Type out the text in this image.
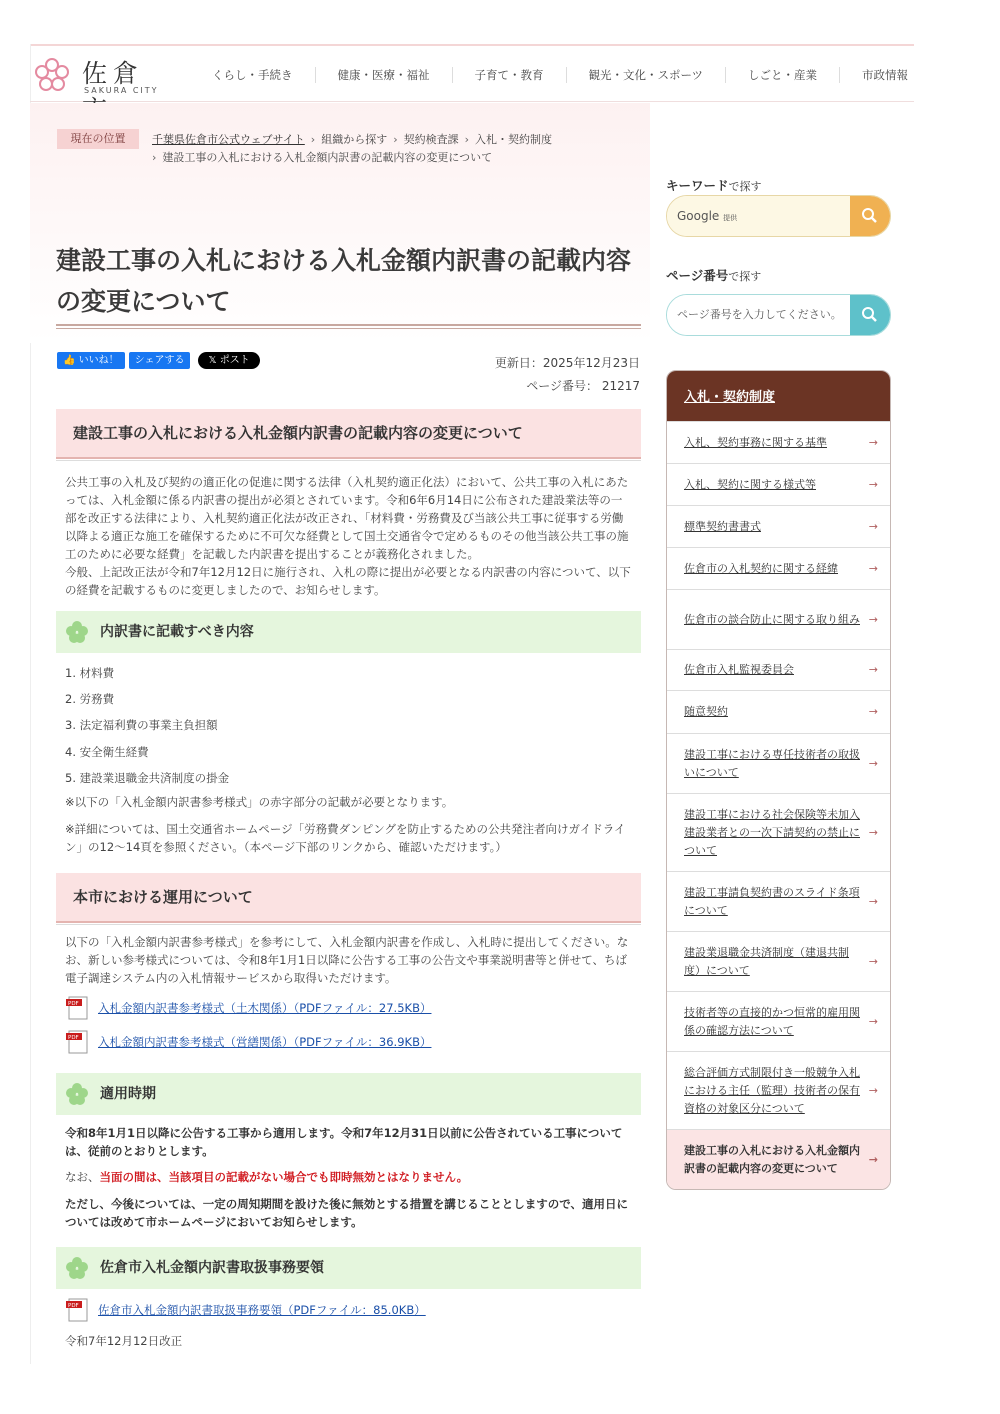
佐倉
SAKURA CITY
くらし・手続き	健康・医療・福祉	子育て・教育	観光・文化・スポーツ	しごと・産業	市政情報
現在の位置	千葉県佐倉市公式ウェブサイト › 組織から探す › 契約検査課 › 入札・契約制度
› 建設工事の入札における入札金額内訳書の記載内容の変更について
建設工事の入札における入札金額内訳書の記載内容の変更について
👍 いいね！	シェアする	𝕏 ポスト	更新日：2025年12月23日
ページ番号： 21217
建設工事の入札における入札金額内訳書の記載内容の変更について

公共工事の入札及び契約の適正化の促進に関する法律（入札契約適正化法）において、公共工事の入札にあたっては、入札金額に係る内訳書の提出が必須とされています。令和6年6月14日に公布された建設業法等の一部を改正する法律により、入札契約適正化法が改正され、「材料費・労務費及び当該公共工事に従事する労働以降よる適正な施工を確保するために不可欠な経費として国土交通省令で定めるものその他当該公共工事の施工のために必要な経費」を記載した内訳書を提出することが義務化されました。

今般、上記改正法が令和7年12月12日に施行され、入札の際に提出が必要となる内訳書の内容について、以下の経費を記載するものに変更しましたので、お知らせします。

内訳書に記載すべき内容
1. 材料費
2. 労務費
3. 法定福利費の事業主負担額
4. 安全衛生経費
5. 建設業退職金共済制度の掛金

※以下の「入札金額内訳書参考様式」の赤字部分の記載が必要となります。

※詳細については、国土交通省ホームページ「労務費ダンピングを防止するための公共発注者向けガイドライン」の12～14頁を参照ください。（本ページ下部のリンクから、確認いただけます。）

本市における運用について

以下の「入札金額内訳書参考様式」を参考にして、入札金額内訳書を作成し、入札時に提出してください。なお、新しい参考様式については、令和8年1月1日以降に公告する工事の公告文や事業説明書等と併せて、ちば電子調達システム内の入札情報サービスから取得いただけます。

PDF 入札金額内訳書参考様式（土木関係）（PDFファイル：27.5KB）
PDF 入札金額内訳書参考様式（営繕関係）（PDFファイル：36.9KB）
適用時期

令和8年1月1日以降に公告する工事から適用します。令和7年12月31日以前に公告されている工事については、従前のとおりとします。

なお、当面の間は、当該項目の記載がない場合でも即時無効とはなりません。

ただし、今後については、一定の周知期間を設けた後に無効とする措置を講じることとしますので、適用日については改めて市ホームページにおいてお知らせします。

佐倉市入札金額内訳書取扱事務要領
PDF 佐倉市入札金額内訳書取扱事務要領（PDFファイル：85.0KB）

令和7年12月12日改正

キーワードで探す
Google 提供
ページ番号で探す
ページ番号を入力してください。
入札・契約制度
入札、契約事務に関する基準	→
入札、契約に関する様式等	→
標準契約書書式	→
佐倉市の入札契約に関する経緯	→
佐倉市の談合防止に関する取り組み →
佐倉市入札監視委員会	→
随意契約	→
建設工事における専任技術者の取扱いについて
→
建設工事における社会保険等未加入建設業者との一次下請契約の禁止について
→
建設工事請負契約書のスライド条項について
→
建設業退職金共済制度（建退共制度）について
→
技術者等の直接的かつ恒常的雇用関係の確認方法について
→
総合評価方式制限付き一般競争入札における主任（監理）技術者の保有資格の対象区分について
→
建設工事の入札における入札金額内訳書の記載内容の変更について
→
